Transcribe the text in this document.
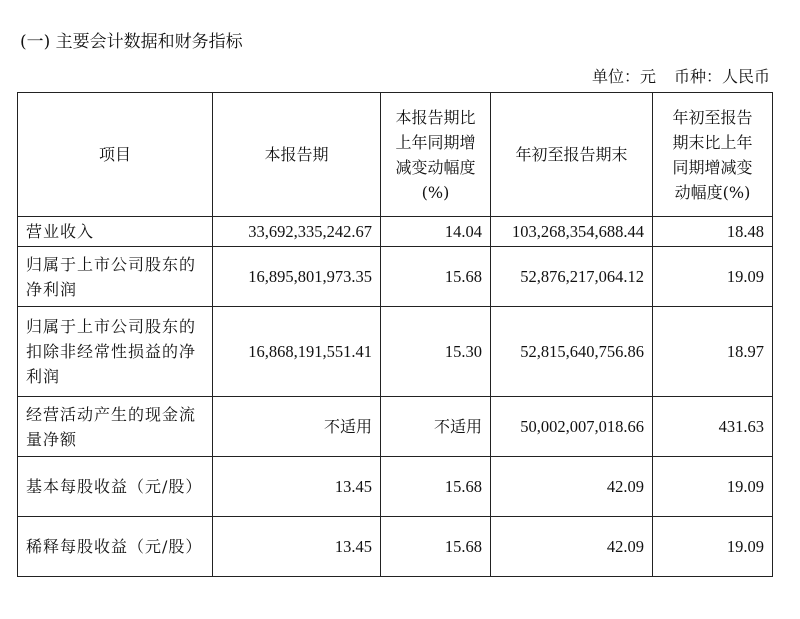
(一) 主要会计数据和财务指标
单位：元 币种：人民币
项目	本报告期	本报告期比上年同期增减变动幅度(%)	年初至报告期末	年初至报告期末比上年同期增减变动幅度(%)
营业收入	33,692,335,242.67	14.04	103,268,354,688.44	18.48
归属于上市公司股东的净利润	16,895,801,973.35	15.68	52,876,217,064.12	19.09
归属于上市公司股东的扣除非经常性损益的净利润	16,868,191,551.41	15.30	52,815,640,756.86	18.97
经营活动产生的现金流量净额	不适用	不适用	50,002,007,018.66	431.63
基本每股收益（元/股）	13.45	15.68	42.09	19.09
稀释每股收益（元/股）	13.45	15.68	42.09	19.09
